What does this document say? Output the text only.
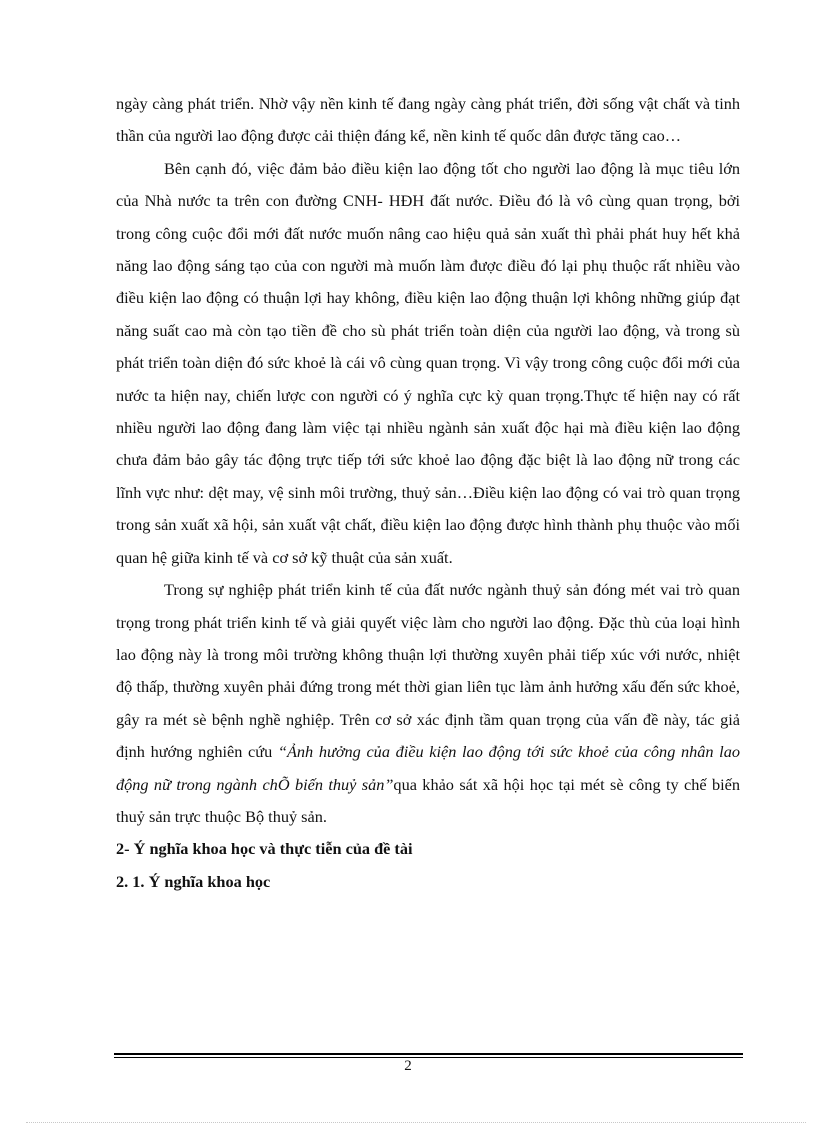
ngày càng phát triển. Nhờ vậy nền kinh tế đang ngày càng phát triển, đời sống vật chất và tinh thần của người lao động được cải thiện đáng kể, nền kinh tế quốc dân được tăng cao…

Bên cạnh đó, việc đảm bảo điều kiện lao động tốt cho người lao động là mục tiêu lớn của Nhà nước ta trên con đường CNH- HĐH đất nước. Điều đó là vô cùng quan trọng, bởi trong công cuộc đổi mới đất nước muốn nâng cao hiệu quả sản xuất thì phải phát huy hết khả năng lao động sáng tạo của con người mà muốn làm được điều đó lại phụ thuộc rất nhiều vào điều kiện lao động có thuận lợi hay không, điều kiện lao động thuận lợi không những giúp đạt năng suất cao mà còn tạo tiền đề cho sù phát triển toàn diện của người lao động, và trong sù phát triển toàn diện đó sức khoẻ là cái vô cùng quan trọng. Vì vậy trong công cuộc đổi mới của nước ta hiện nay, chiến lược con người có ý nghĩa cực kỳ quan trọng.Thực tế hiện nay có rất nhiều người lao động đang làm việc tại nhiều ngành sản xuất độc hại mà điều kiện lao động chưa đảm bảo gây tác động trực tiếp tới sức khoẻ lao động đặc biệt là lao động nữ trong các lĩnh vực như: dệt may, vệ sinh môi trường, thuỷ sản…Điều kiện lao động có vai trò quan trọng trong sản xuất xã hội, sản xuất vật chất, điều kiện lao động được hình thành phụ thuộc vào mối quan hệ giữa kinh tế và cơ sở kỹ thuật của sản xuất.

Trong sự nghiệp phát triển kinh tế của đất nước ngành thuỷ sản đóng mét vai trò quan trọng trong phát triển kinh tế và giải quyết việc làm cho người lao động. Đặc thù của loại hình lao động này là trong môi trường không thuận lợi thường xuyên phải tiếp xúc với nước, nhiệt độ thấp, thường xuyên phải đứng trong mét thời gian liên tục làm ảnh hưởng xấu đến sức khoẻ, gây ra mét sè bệnh nghề nghiệp. Trên cơ sở xác định tầm quan trọng của vấn đề này, tác giả định hướng nghiên cứu “Ảnh hưởng của điều kiện lao động tới sức khoẻ của công nhân lao động nữ trong ngành chÕ biến thuỷ sản”qua khảo sát xã hội học tại mét sè công ty chế biến thuỷ sản trực thuộc Bộ thuỷ sản.

2- Ý nghĩa khoa học và thực tiễn của đề tài

2. 1. Ý nghĩa khoa học

2
